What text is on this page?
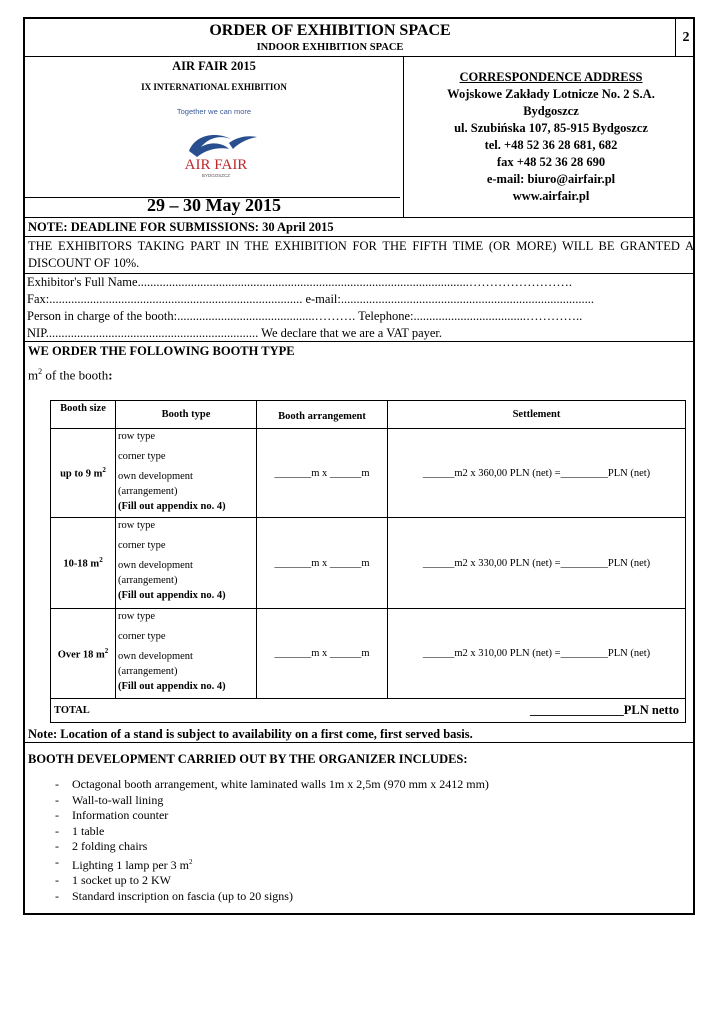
ORDER OF EXHIBITION SPACE
INDOOR EXHIBITION SPACE
2
AIR FAIR 2015
IX INTERNATIONAL EXHIBITION
Together we can more
AIR FAIR
BYDGOSZCZ
29 – 30 May 2015
CORRESPONDENCE ADDRESS
Wojskowe Zakłady Lotnicze No. 2 S.A.
Bydgoszcz
ul. Szubińska 107, 85-915 Bydgoszcz
tel. +48 52 36 28 681, 682
fax +48 52 36 28 690
e-mail: biuro@airfair.pl
www.airfair.pl
NOTE: DEADLINE FOR SUBMISSIONS: 30 April 2015
THE EXHIBITORS TAKING PART IN THE EXHIBITION FOR THE FIFTH TIME (OR MORE) WILL BE GRANTED A DISCOUNT OF 10%.
Exhibitor's Full Name..........................................................................................................…………………….
Fax:................................................................................. e-mail:.................................................................................
Person in charge of the booth:............................................………. Telephone:....................................…………..
NIP.................................................................... We declare that we are a VAT payer.
WE ORDER THE FOLLOWING BOOTH TYPE
$m^2$ of the booth:
Booth size	Booth type	Booth arrangement	Settlement
up to 9 $m^2$	row type
corner type
own development
(arrangement)
(Fill out appendix no. 4)	_______m x ______m	______m2 x 360,00 PLN (net) =_________PLN (net)
10-18 $m^2$	row type
corner type
own development
(arrangement)
(Fill out appendix no. 4)	_______m x ______m	______m2 x 330,00 PLN (net) =_________PLN (net)
Over 18 $m^2$	row type
corner type
own development
(arrangement)
(Fill out appendix no. 4)	_______m x ______m	______m2 x 310,00 PLN (net) =_________PLN (net)
TOTAL	_______________PLN netto		
Note: Location of a stand is subject to availability on a first come, first served basis.
BOOTH DEVELOPMENT CARRIED OUT BY THE ORGANIZER INCLUDES:
- Octagonal booth arrangement, white laminated walls 1m x 2,5m (970 mm x 2412 mm)
- Wall-to-wall lining
- Information counter
- 1 table
- 2 folding chairs
- Lighting 1 lamp per 3 $m^2$
- 1 socket up to 2 KW
- Standard inscription on fascia (up to 20 signs)
